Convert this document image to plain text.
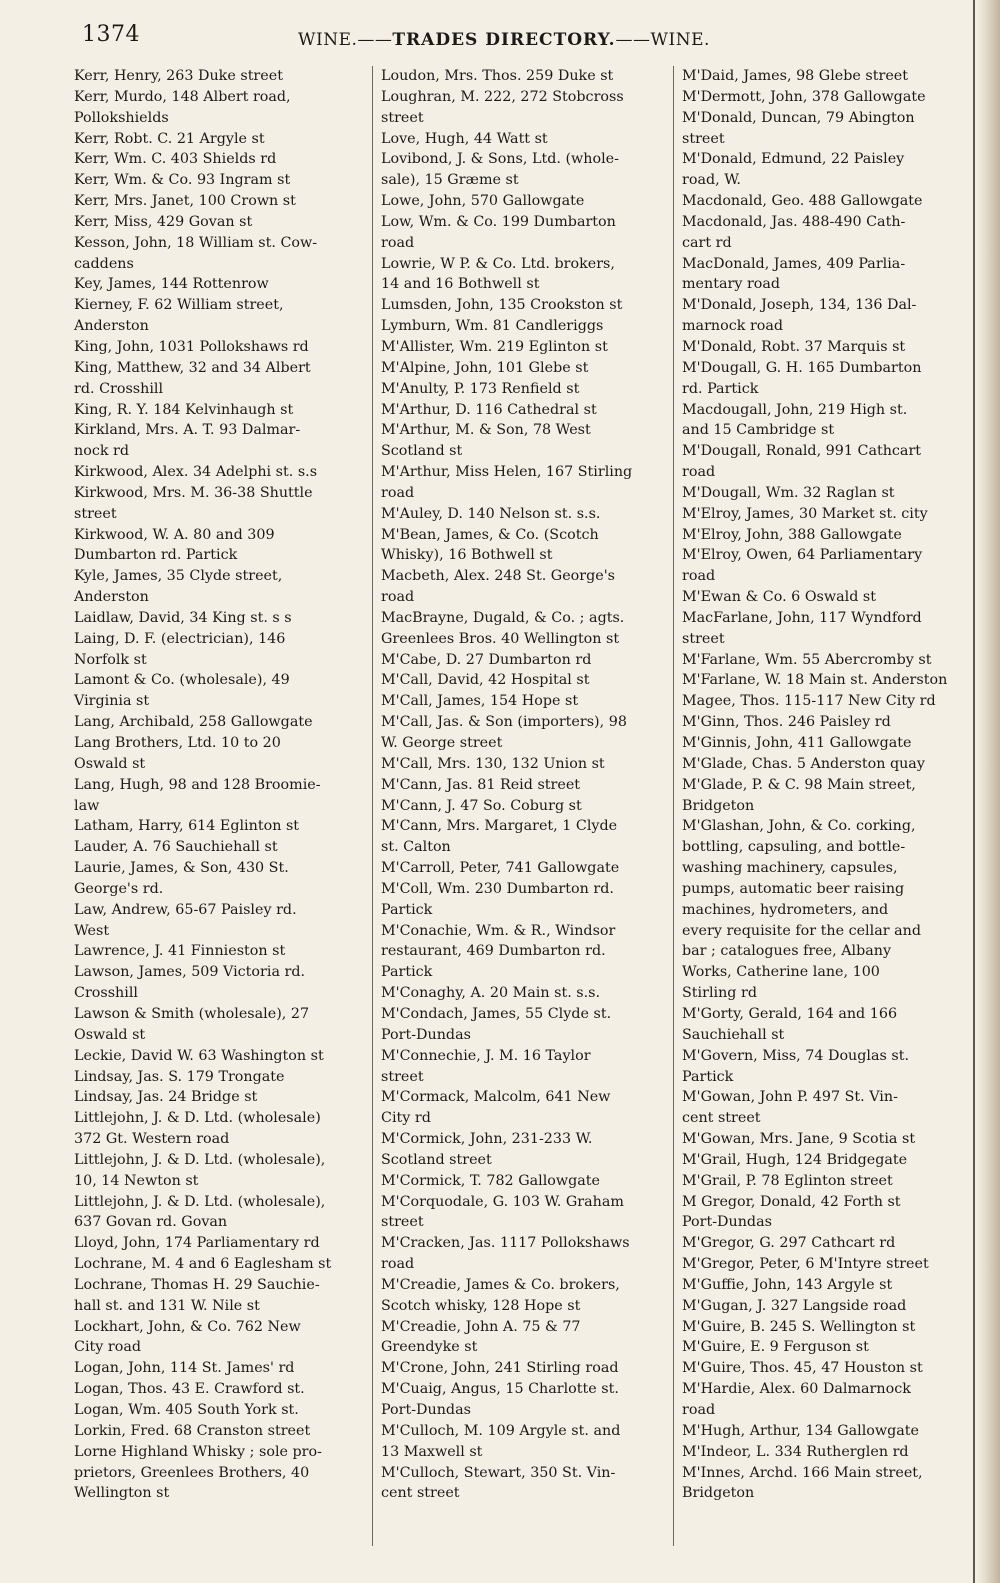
1374	WINE.——TRADES DIRECTORY.——WINE.
Kerr, Henry, 263 Duke street
Kerr, Murdo, 148 Albert road,
Pollokshields
Kerr, Robt. C. 21 Argyle st
Kerr, Wm. C. 403 Shields rd
Kerr, Wm. & Co. 93 Ingram st
Kerr, Mrs. Janet, 100 Crown st
Kerr, Miss, 429 Govan st
Kesson, John, 18 William st. Cow-
caddens
Key, James, 144 Rottenrow
Kierney, F. 62 William street,
Anderston
King, John, 1031 Pollokshaws rd
King, Matthew, 32 and 34 Albert
rd. Crosshill
King, R. Y. 184 Kelvinhaugh st
Kirkland, Mrs. A. T. 93 Dalmar-
nock rd
Kirkwood, Alex. 34 Adelphi st. s.s
Kirkwood, Mrs. M. 36-38 Shuttle
street
Kirkwood, W. A. 80 and 309
Dumbarton rd. Partick
Kyle, James, 35 Clyde street,
Anderston
Laidlaw, David, 34 King st. s s
Laing, D. F. (electrician), 146
Norfolk st
Lamont & Co. (wholesale), 49
Virginia st
Lang, Archibald, 258 Gallowgate
Lang Brothers, Ltd. 10 to 20
Oswald st
Lang, Hugh, 98 and 128 Broomie-
law
Latham, Harry, 614 Eglinton st
Lauder, A. 76 Sauchiehall st
Laurie, James, & Son, 430 St.
George's rd.
Law, Andrew, 65-67 Paisley rd.
West
Lawrence, J. 41 Finnieston st
Lawson, James, 509 Victoria rd.
Crosshill
Lawson & Smith (wholesale), 27
Oswald st
Leckie, David W. 63 Washington st
Lindsay, Jas. S. 179 Trongate
Lindsay, Jas. 24 Bridge st
Littlejohn, J. & D. Ltd. (wholesale)
372 Gt. Western road
Littlejohn, J. & D. Ltd. (wholesale),
10, 14 Newton st
Littlejohn, J. & D. Ltd. (wholesale),
637 Govan rd. Govan
Lloyd, John, 174 Parliamentary rd
Lochrane, M. 4 and 6 Eaglesham st
Lochrane, Thomas H. 29 Sauchie-
hall st. and 131 W. Nile st
Lockhart, John, & Co. 762 New
City road
Logan, John, 114 St. James' rd
Logan, Thos. 43 E. Crawford st.
Logan, Wm. 405 South York st.
Lorkin, Fred. 68 Cranston street
Lorne Highland Whisky ; sole pro-
prietors, Greenlees Brothers, 40
Wellington st
Loudon, Mrs. Thos. 259 Duke st
Loughran, M. 222, 272 Stobcross
street
Love, Hugh, 44 Watt st
Lovibond, J. & Sons, Ltd. (whole-
sale), 15 Græme st
Lowe, John, 570 Gallowgate
Low, Wm. & Co. 199 Dumbarton
road
Lowrie, W P. & Co. Ltd. brokers,
14 and 16 Bothwell st
Lumsden, John, 135 Crookston st
Lymburn, Wm. 81 Candleriggs
M'Allister, Wm. 219 Eglinton st
M'Alpine, John, 101 Glebe st
M'Anulty, P. 173 Renfield st
M'Arthur, D. 116 Cathedral st
M'Arthur, M. & Son, 78 West
Scotland st
M'Arthur, Miss Helen, 167 Stirling
road
M'Auley, D. 140 Nelson st. s.s.
M'Bean, James, & Co. (Scotch
Whisky), 16 Bothwell st
Macbeth, Alex. 248 St. George's
road
MacBrayne, Dugald, & Co. ; agts.
Greenlees Bros. 40 Wellington st
M'Cabe, D. 27 Dumbarton rd
M'Call, David, 42 Hospital st
M'Call, James, 154 Hope st
M'Call, Jas. & Son (importers), 98
W. George street
M'Call, Mrs. 130, 132 Union st
M'Cann, Jas. 81 Reid street
M'Cann, J. 47 So. Coburg st
M'Cann, Mrs. Margaret, 1 Clyde
st. Calton
M'Carroll, Peter, 741 Gallowgate
M'Coll, Wm. 230 Dumbarton rd.
Partick
M'Conachie, Wm. & R., Windsor
restaurant, 469 Dumbarton rd.
Partick
M'Conaghy, A. 20 Main st. s.s.
M'Condach, James, 55 Clyde st.
Port-Dundas
M'Connechie, J. M. 16 Taylor
street
M'Cormack, Malcolm, 641 New
City rd
M'Cormick, John, 231-233 W.
Scotland street
M'Cormick, T. 782 Gallowgate
M'Corquodale, G. 103 W. Graham
street
M'Cracken, Jas. 1117 Pollokshaws
road
M'Creadie, James & Co. brokers,
Scotch whisky, 128 Hope st
M'Creadie, John A. 75 & 77
Greendyke st
M'Crone, John, 241 Stirling road
M'Cuaig, Angus, 15 Charlotte st.
Port-Dundas
M'Culloch, M. 109 Argyle st. and
13 Maxwell st
M'Culloch, Stewart, 350 St. Vin-
cent street
M'Daid, James, 98 Glebe street
M'Dermott, John, 378 Gallowgate
M'Donald, Duncan, 79 Abington
street
M'Donald, Edmund, 22 Paisley
road, W.
Macdonald, Geo. 488 Gallowgate
Macdonald, Jas. 488-490 Cath-
cart rd
MacDonald, James, 409 Parlia-
mentary road
M'Donald, Joseph, 134, 136 Dal-
marnock road
M'Donald, Robt. 37 Marquis st
M'Dougall, G. H. 165 Dumbarton
rd. Partick
Macdougall, John, 219 High st.
and 15 Cambridge st
M'Dougall, Ronald, 991 Cathcart
road
M'Dougall, Wm. 32 Raglan st
M'Elroy, James, 30 Market st. city
M'Elroy, John, 388 Gallowgate
M'Elroy, Owen, 64 Parliamentary
road
M'Ewan & Co. 6 Oswald st
MacFarlane, John, 117 Wyndford
street
M'Farlane, Wm. 55 Abercromby st
M'Farlane, W. 18 Main st. Anderston
Magee, Thos. 115-117 New City rd
M'Ginn, Thos. 246 Paisley rd
M'Ginnis, John, 411 Gallowgate
M'Glade, Chas. 5 Anderston quay
M'Glade, P. & C. 98 Main street,
Bridgeton
M'Glashan, John, & Co. corking,
bottling, capsuling, and bottle-
washing machinery, capsules,
pumps, automatic beer raising
machines, hydrometers, and
every requisite for the cellar and
bar ; catalogues free, Albany
Works, Catherine lane, 100
Stirling rd
M'Gorty, Gerald, 164 and 166
Sauchiehall st
M'Govern, Miss, 74 Douglas st.
Partick
M'Gowan, John P. 497 St. Vin-
cent street
M'Gowan, Mrs. Jane, 9 Scotia st
M'Grail, Hugh, 124 Bridgegate
M'Grail, P. 78 Eglinton street
M Gregor, Donald, 42 Forth st
Port-Dundas
M'Gregor, G. 297 Cathcart rd
M'Gregor, Peter, 6 M'Intyre street
M'Guffie, John, 143 Argyle st
M'Gugan, J. 327 Langside road
M'Guire, B. 245 S. Wellington st
M'Guire, E. 9 Ferguson st
M'Guire, Thos. 45, 47 Houston st
M'Hardie, Alex. 60 Dalmarnock
road
M'Hugh, Arthur, 134 Gallowgate
M'Indeor, L. 334 Rutherglen rd
M'Innes, Archd. 166 Main street,
Bridgeton
